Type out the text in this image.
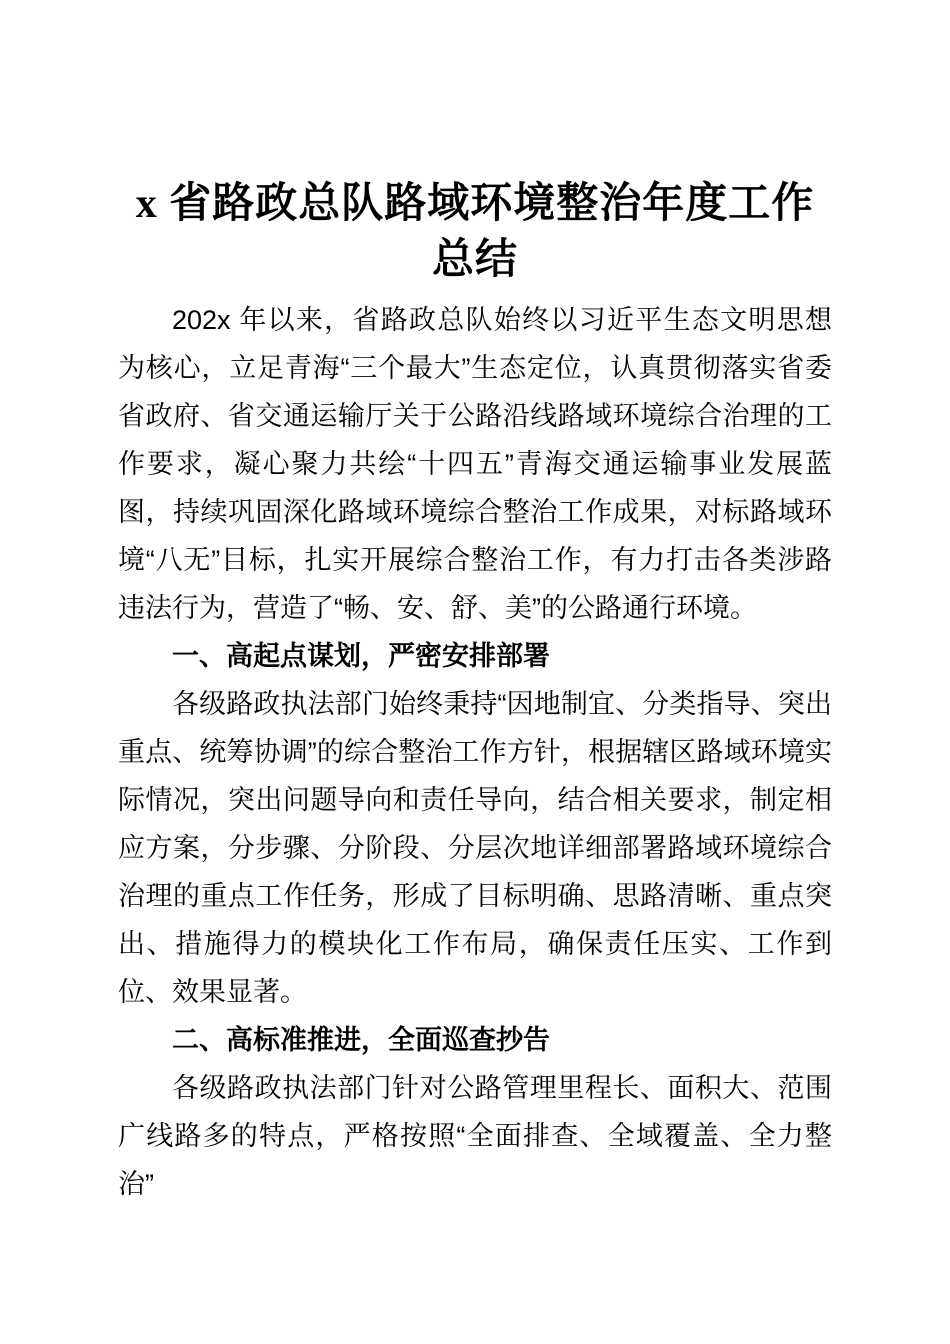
x 省路政总队路域环境整治年度工作总结

202x 年以来，省路政总队始终以习近平生态文明思想为核心，立足青海“三个最大”生态定位，认真贯彻落实省委省政府、省交通运输厅关于公路沿线路域环境综合治理的工作要求，凝心聚力共绘“十四五”青海交通运输事业发展蓝图，持续巩固深化路域环境综合整治工作成果，对标路域环境“八无”目标，扎实开展综合整治工作，有力打击各类涉路违法行为，营造了“畅、安、舒、美”的公路通行环境。

一、高起点谋划，严密安排部署

各级路政执法部门始终秉持“因地制宜、分类指导、突出重点、统筹协调”的综合整治工作方针，根据辖区路域环境实际情况，突出问题导向和责任导向，结合相关要求，制定相应方案，分步骤、分阶段、分层次地详细部署路域环境综合治理的重点工作任务，形成了目标明确、思路清晰、重点突出、措施得力的模块化工作布局，确保责任压实、工作到位、效果显著。

二、高标准推进，全面巡查抄告

各级路政执法部门针对公路管理里程长、面积大、范围广线路多的特点，严格按照“全面排查、全域覆盖、全力整治”
